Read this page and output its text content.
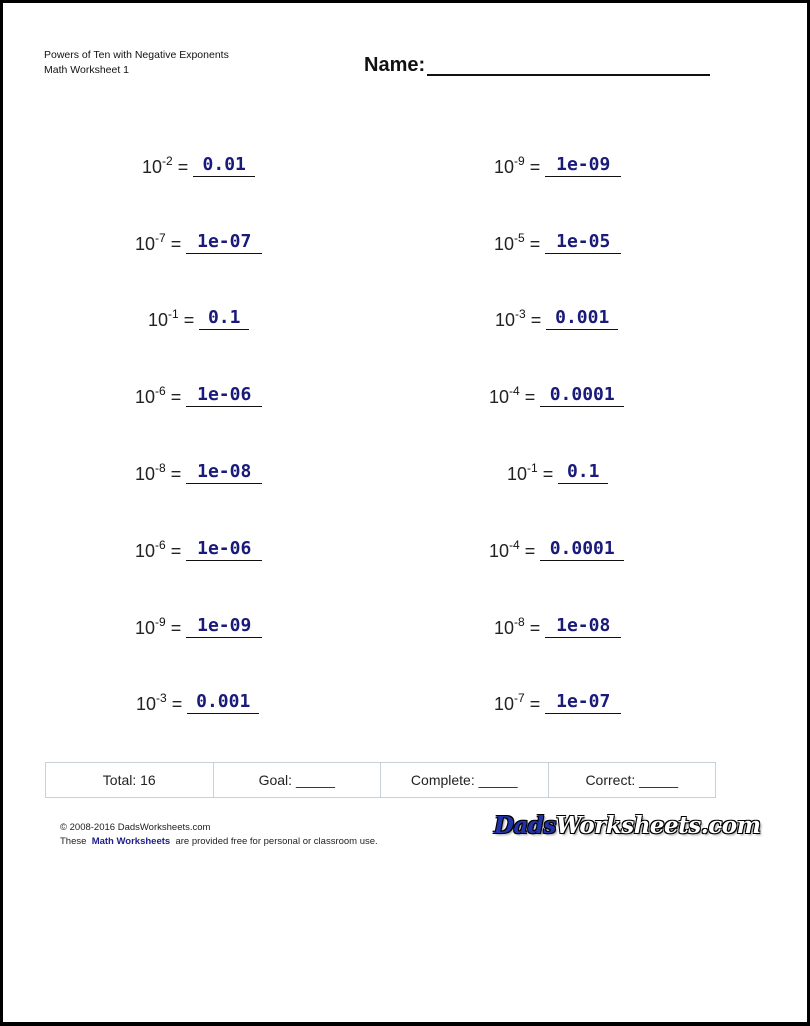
Powers of Ten with Negative Exponents
Math Worksheet 1	Name:
10 -2 = 0.01
10 -7 = 1e-07
10 -1 = 0.1
10 -6 = 1e-06
10 -8 = 1e-08
10 -6 = 1e-06
10 -9 = 1e-09
10 -3 = 0.001
10 -9 = 1e-09
10 -5 = 1e-05
10 -3 = 0.001
10 -4 = 0.0001
10 -1 = 0.1
10 -4 = 0.0001
10 -8 = 1e-08
10 -7 = 1e-07
Total: 16	Goal: _____	Complete: _____	Correct: _____
© 2008-2016 DadsWorksheets.com
These Math Worksheets are provided free for personal or classroom use.
DadsWorksheets.com
